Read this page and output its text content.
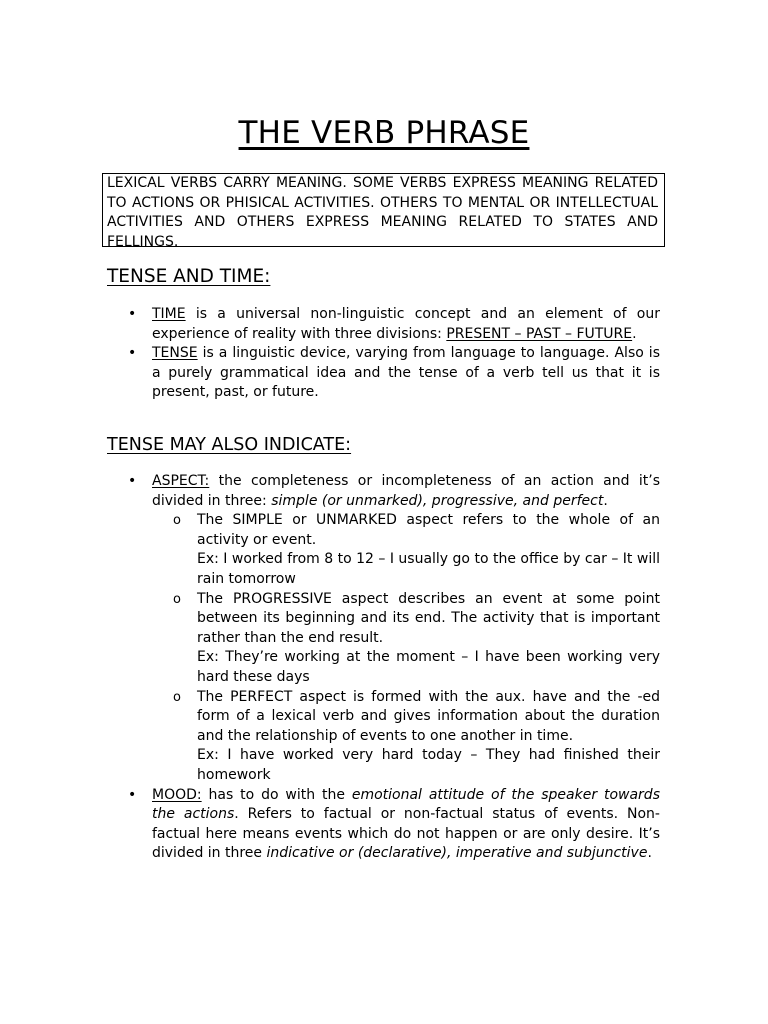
THE VERB PHRASE

LEXICAL VERBS CARRY MEANING. SOME VERBS EXPRESS MEANING RELATED TO ACTIONS OR PHISICAL ACTIVITIES. OTHERS TO MENTAL OR INTELLECTUAL ACTIVITIES AND OTHERS EXPRESS MEANING RELATED TO STATES AND FELLINGS.

TENSE AND TIME:
• TIME is a universal non-linguistic concept and an element of our experience of reality with three divisions: PRESENT – PAST – FUTURE.
• TENSE is a linguistic device, varying from language to language. Also is a purely grammatical idea and the tense of a verb tell us that it is present, past, or future.
TENSE MAY ALSO INDICATE:
• ASPECT: the completeness or incompleteness of an action and it’s divided in three: simple (or unmarked), progressive, and perfect.
o The SIMPLE or UNMARKED aspect refers to the whole of an activity or event.
Ex: I worked from 8 to 12 – I usually go to the office by car – It will rain tomorrow
o The PROGRESSIVE aspect describes an event at some point between its beginning and its end. The activity that is important rather than the end result.
Ex: They’re working at the moment – I have been working very hard these days
o The PERFECT aspect is formed with the aux. have and the -ed form of a lexical verb and gives information about the duration and the relationship of events to one another in time.
Ex: I have worked very hard today – They had finished their homework
• MOOD: has to do with the emotional attitude of the speaker towards the actions. Refers to factual or non-factual status of events. Non-factual here means events which do not happen or are only desire. It’s divided in three indicative or (declarative), imperative and subjunctive.
